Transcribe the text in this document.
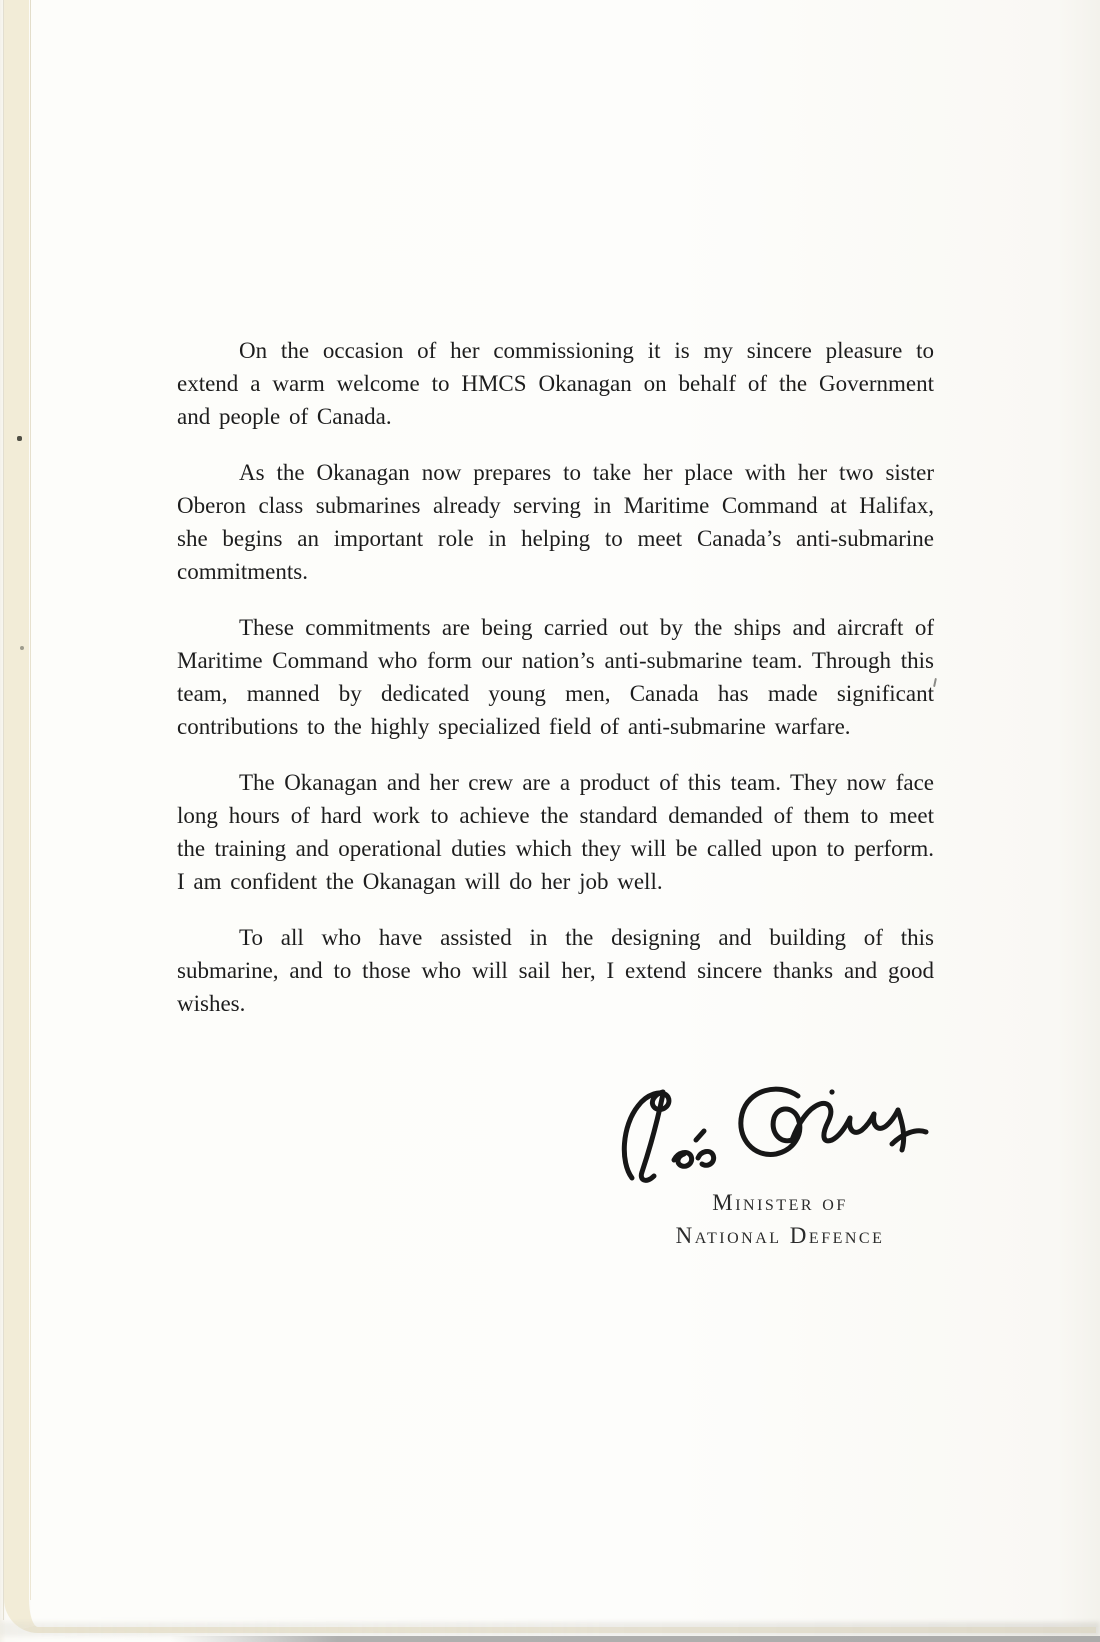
On the occasion of her commissioning it is my sincere pleasure to extend a warm welcome to HMCS Okanagan on behalf of the Government and people of Canada.

As the Okanagan now prepares to take her place with her two sister Oberon class submarines already serving in Maritime Command at Halifax, she begins an important role in helping to meet Canada’s anti-submarine commitments.

These commitments are being carried out by the ships and aircraft of Maritime Command who form our nation’s anti-submarine team. Through this team, manned by dedicated young men, Canada has made significant contributions to the highly specialized field of anti-submarine warfare.

The Okanagan and her crew are a product of this team. They now face long hours of hard work to achieve the standard demanded of them to meet the training and operational duties which they will be called upon to perform. I am confident the Okanagan will do her job well.

To all who have assisted in the designing and building of this submarine, and to those who will sail her, I extend sincere thanks and good wishes.

Minister of
National Defence
